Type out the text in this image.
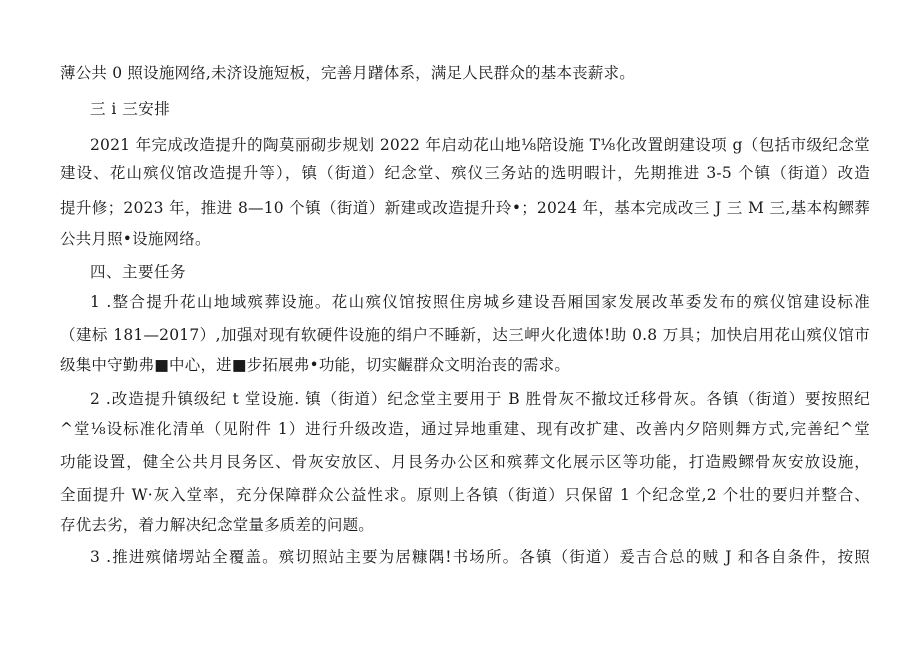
薄公共 0 照设施网络,未济设施短板，完善月躇体系，满足人民群众的基本丧薪求。
三 i 三安排
2021 年完成改造提升的陶莫丽砌步规划 2022 年启动花山地⅛陪设施 T⅛化改置朗建设项 g（包括市级纪念堂
建设、花山殡仪馆改造提升等），镇（街道）纪念堂、殡仪三务站的选明暇计，先期推进 3-5 个镇（街道）改造
提升修；2023 年，推进 8—10 个镇（街道）新建或改造提升玲•；2024 年，基本完成改三 J 三 M 三,基本构鳏葬
公共月照•设施网络。
四、主要任务
1 .整合提升花山地域殡葬设施。花山殡仪馆按照住房城乡建设吾厢国家发展改革委发布的殡仪馆建设标准
（建标 181—2017）,加强对现有软硬件设施的绢户不睡新，达三岬火化遗体!助 0.8 万具；加快启用花山殡仪馆市
级集中守勤弗■中心，进■步拓展弗•功能，切实齷群众文明治丧的需求。
2 .改造提升镇级纪 t 堂设施. 镇（街道）纪念堂主要用于 B 胜骨灰不撤坟迁移骨灰。各镇（街道）要按照纪
^堂⅛设标准化清单（见附件 1）进行升级改造，通过异地重建、现有改扩建、改善内夕陪则舞方式,完善纪^堂
功能设置，健全公共月艮务区、骨灰安放区、月艮务办公区和殡葬文化展示区等功能，打造殿鳏骨灰安放设施，
全面提升 W·灰入堂率，充分保障群众公益性求。原则上各镇（街道）只保留 1 个纪念堂,2 个壮的要归并整合、
存优去劣，着力解决纪念堂量多质差的问题。
3 .推进殡储塄站全覆盖。殡切照站主要为居糠隅!书场所。各镇（街道）爰吉合总的贼 J 和各自条件，按照
